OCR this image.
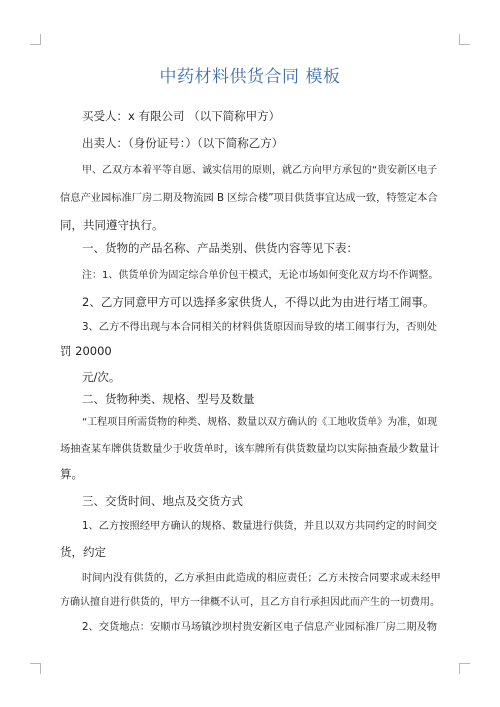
中药材料供货合同 模板
买受人：x 有限公司 （以下简称甲方）
出卖人：（身份证号：）（以下简称乙方）
甲、乙双方本着平等自愿、诚实信用的原则，就乙方向甲方承包的“贵安新区电子
信息产业园标准厂房二期及物流园 B 区综合楼”项目供货事宜达成一致，特签定本合
同，共同遵守执行。
一、货物的产品名称、产品类别、供货内容等见下表：
注：1、供货单价为固定综合单价包干模式，无论市场如何变化双方均不作调整。
2、乙方同意甲方可以选择多家供货人，不得以此为由进行堵工闹事。
3、乙方不得出现与本合同相关的材料供货原因而导致的堵工闹事行为，否则处
罚 20000
元/次。
二、货物种类、规格、型号及数量
“工程项目所需货物的种类、规格、数量以双方确认的《工地收货单》为准，如现
场抽查某车牌供货数量少于收货单时，该车牌所有供货数量均以实际抽查最少数量计
算。
三、交货时间、地点及交货方式
1、乙方按照经甲方确认的规格、数量进行供货，并且以双方共同约定的时间交
货，约定
时间内没有供货的，乙方承担由此造成的相应责任；乙方未按合同要求或未经甲
方确认擅自进行供货的，甲方一律概不认可，且乙方自行承担因此而产生的一切费用。
2、交货地点：安顺市马场镇沙坝村贵安新区电子信息产业园标准厂房二期及物
